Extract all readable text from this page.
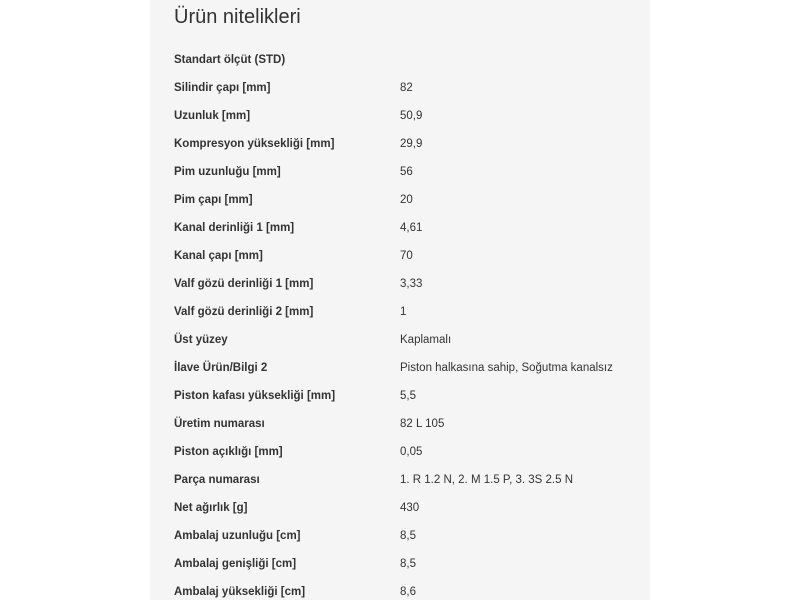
Ürün nitelikleri
Standart ölçüt (STD)	
Silindir çapı [mm]	82
Uzunluk [mm]	50,9
Kompresyon yüksekliği [mm]	29,9
Pim uzunluğu [mm]	56
Pim çapı [mm]	20
Kanal derinliği 1 [mm]	4,61
Kanal çapı [mm]	70
Valf gözü derinliği 1 [mm]	3,33
Valf gözü derinliği 2 [mm]	1
Üst yüzey	Kaplamalı
İlave Ürün/Bilgi 2	Piston halkasına sahip, Soğutma kanalsız
Piston kafası yüksekliği [mm]	5,5
Üretim numarası	82 L 105
Piston açıklığı [mm]	0,05
Parça numarası	1. R 1.2 N, 2. M 1.5 P, 3. 3S 2.5 N
Net ağırlık [g]	430
Ambalaj uzunluğu [cm]	8,5
Ambalaj genişliği [cm]	8,5
Ambalaj yüksekliği [cm]	8,6
